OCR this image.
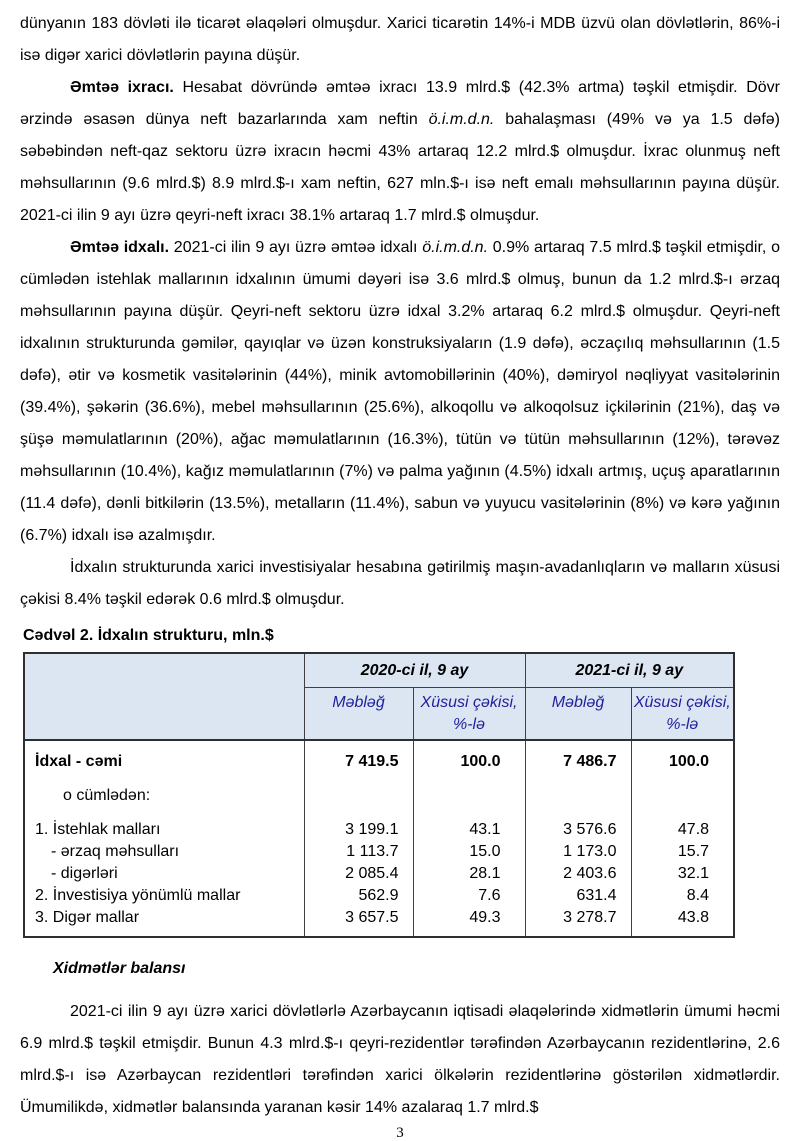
dünyanın 183 dövləti ilə ticarət əlaqələri olmuşdur. Xarici ticarətin 14%-i MDB üzvü olan dövlətlərin, 86%-i isə digər xarici dövlətlərin payına düşür.

Əmtəə ixracı. Hesabat dövründə əmtəə ixracı 13.9 mlrd.$ (42.3% artma) təşkil etmişdir. Dövr ərzində əsasən dünya neft bazarlarında xam neftin ö.i.m.d.n. bahalaşması (49% və ya 1.5 dəfə) səbəbindən neft-qaz sektoru üzrə ixracın həcmi 43% artaraq 12.2 mlrd.$ olmuşdur. İxrac olunmuş neft məhsullarının (9.6 mlrd.$) 8.9 mlrd.$-ı xam neftin, 627 mln.$-ı isə neft emalı məhsullarının payına düşür. 2021-ci ilin 9 ayı üzrə qeyri-neft ixracı 38.1% artaraq 1.7 mlrd.$ olmuşdur.

Əmtəə idxalı. 2021-ci ilin 9 ayı üzrə əmtəə idxalı ö.i.m.d.n. 0.9% artaraq 7.5 mlrd.$ təşkil etmişdir, o cümlədən istehlak mallarının idxalının ümumi dəyəri isə 3.6 mlrd.$ olmuş, bunun da 1.2 mlrd.$-ı ərzaq məhsullarının payına düşür. Qeyri-neft sektoru üzrə idxal 3.2% artaraq 6.2 mlrd.$ olmuşdur. Qeyri-neft idxalının strukturunda gəmilər, qayıqlar və üzən konstruksiyaların (1.9 dəfə), əczaçılıq məhsullarının (1.5 dəfə), ətir və kosmetik vasitələrinin (44%), minik avtomobillərinin (40%), dəmiryol nəqliyyat vasitələrinin (39.4%), şəkərin (36.6%), mebel məhsullarının (25.6%), alkoqollu və alkoqolsuz içkilərinin (21%), daş və şüşə məmulatlarının (20%), ağac məmulatlarının (16.3%), tütün və tütün məhsullarının (12%), tərəvəz məhsullarının (10.4%), kağız məmulatlarının (7%) və palma yağının (4.5%) idxalı artmış, uçuş aparatlarının (11.4 dəfə), dənli bitkilərin (13.5%), metalların (11.4%), sabun və yuyucu vasitələrinin (8%) və kərə yağının (6.7%) idxalı isə azalmışdır.

İdxalın strukturunda xarici investisiyalar hesabına gətirilmiş maşın-avadanlıqların və malların xüsusi çəkisi 8.4% təşkil edərək 0.6 mlrd.$ olmuşdur.

Cədvəl 2. İdxalın strukturu, mln.$
	2020-ci il, 9 ay		2021-ci il, 9 ay	
	Məbləğ	Xüsusi çəkisi, %-lə	Məbləğ	Xüsusi çəkisi, %-lə
İdxal - cəmi	7 419.5	100.0	7 486.7	100.0

o cümlədən:				

1. İstehlak malları	3 199.1	43.1	3 576.6	47.8
- ərzaq məhsulları	1 113.7	15.0	1 173.0	15.7
- digərləri	2 085.4	28.1	2 403.6	32.1
2. İnvestisiya yönümlü mallar	562.9	7.6	631.4	8.4
3. Digər mallar	3 657.5	49.3	3 278.7	43.8

Xidmətlər balansı

2021-ci ilin 9 ayı üzrə xarici dövlətlərlə Azərbaycanın iqtisadi əlaqələrində xidmətlərin ümumi həcmi 6.9 mlrd.$ təşkil etmişdir. Bunun 4.3 mlrd.$-ı qeyri-rezidentlər tərəfindən Azərbaycanın rezidentlərinə, 2.6 mlrd.$-ı isə Azərbaycan rezidentləri tərəfindən xarici ölkələrin rezidentlərinə göstərilən xidmətlərdir. Ümumilikdə, xidmətlər balansında yaranan kəsir 14% azalaraq 1.7 mlrd.$

3
